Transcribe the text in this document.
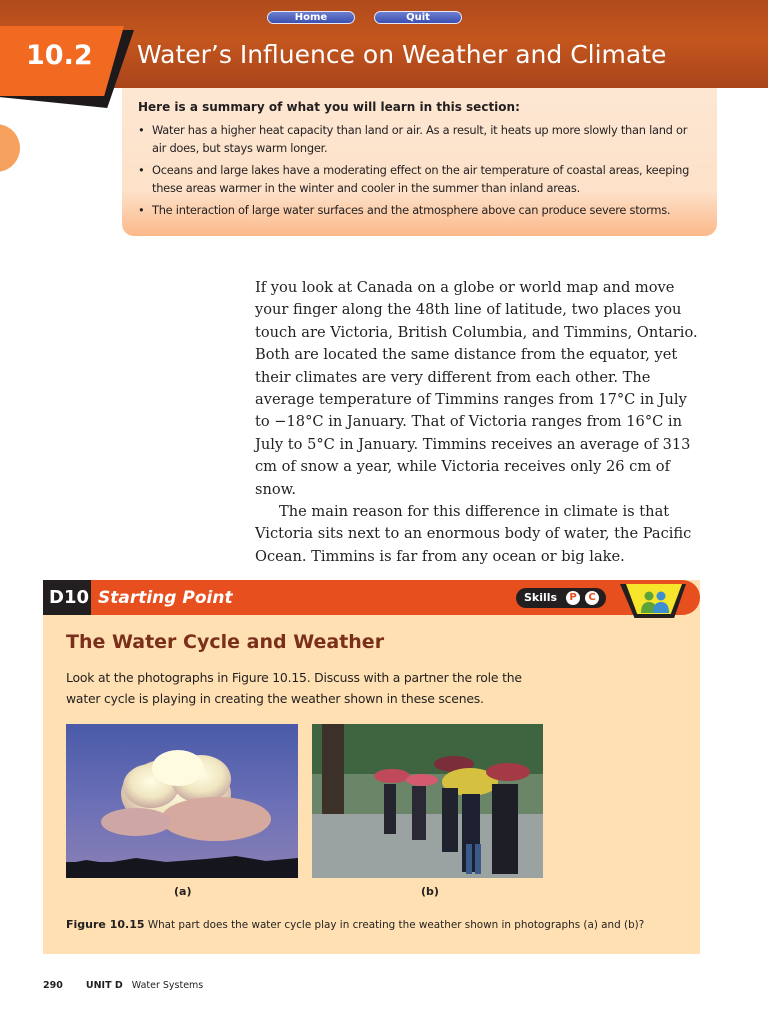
Home	Quit
10.2 Water’s Influence on Weather and Climate
Here is a summary of what you will learn in this section:
• Water has a higher heat capacity than land or air. As a result, it heats up more slowly than land or air does, but stays warm longer.
• Oceans and large lakes have a moderating effect on the air temperature of coastal areas, keeping these areas warmer in the winter and cooler in the summer than inland areas.
• The interaction of large water surfaces and the atmosphere above can produce severe storms.

If you look at Canada on a globe or world map and move your finger along the 48th line of latitude, two places you touch are Victoria, British Columbia, and Timmins, Ontario. Both are located the same distance from the equator, yet their climates are very different from each other. The average temperature of Timmins ranges from 17°C in July to −18°C in January. That of Victoria ranges from 16°C in July to 5°C in January. Timmins receives an average of 313 cm of snow a year, while Victoria receives only 26 cm of snow.

The main reason for this difference in climate is that Victoria sits next to an enormous body of water, the Pacific Ocean. Timmins is far from any ocean or big lake.

D10 Starting Point	Skills	P	C
The Water Cycle and Weather

Look at the photographs in Figure 10.15. Discuss with a partner the role the water cycle is playing in creating the weather shown in these scenes.

(a)	(b)
Figure 10.15 What part does the water cycle play in creating the weather shown in photographs (a) and (b)?
290 UNIT D Water Systems
